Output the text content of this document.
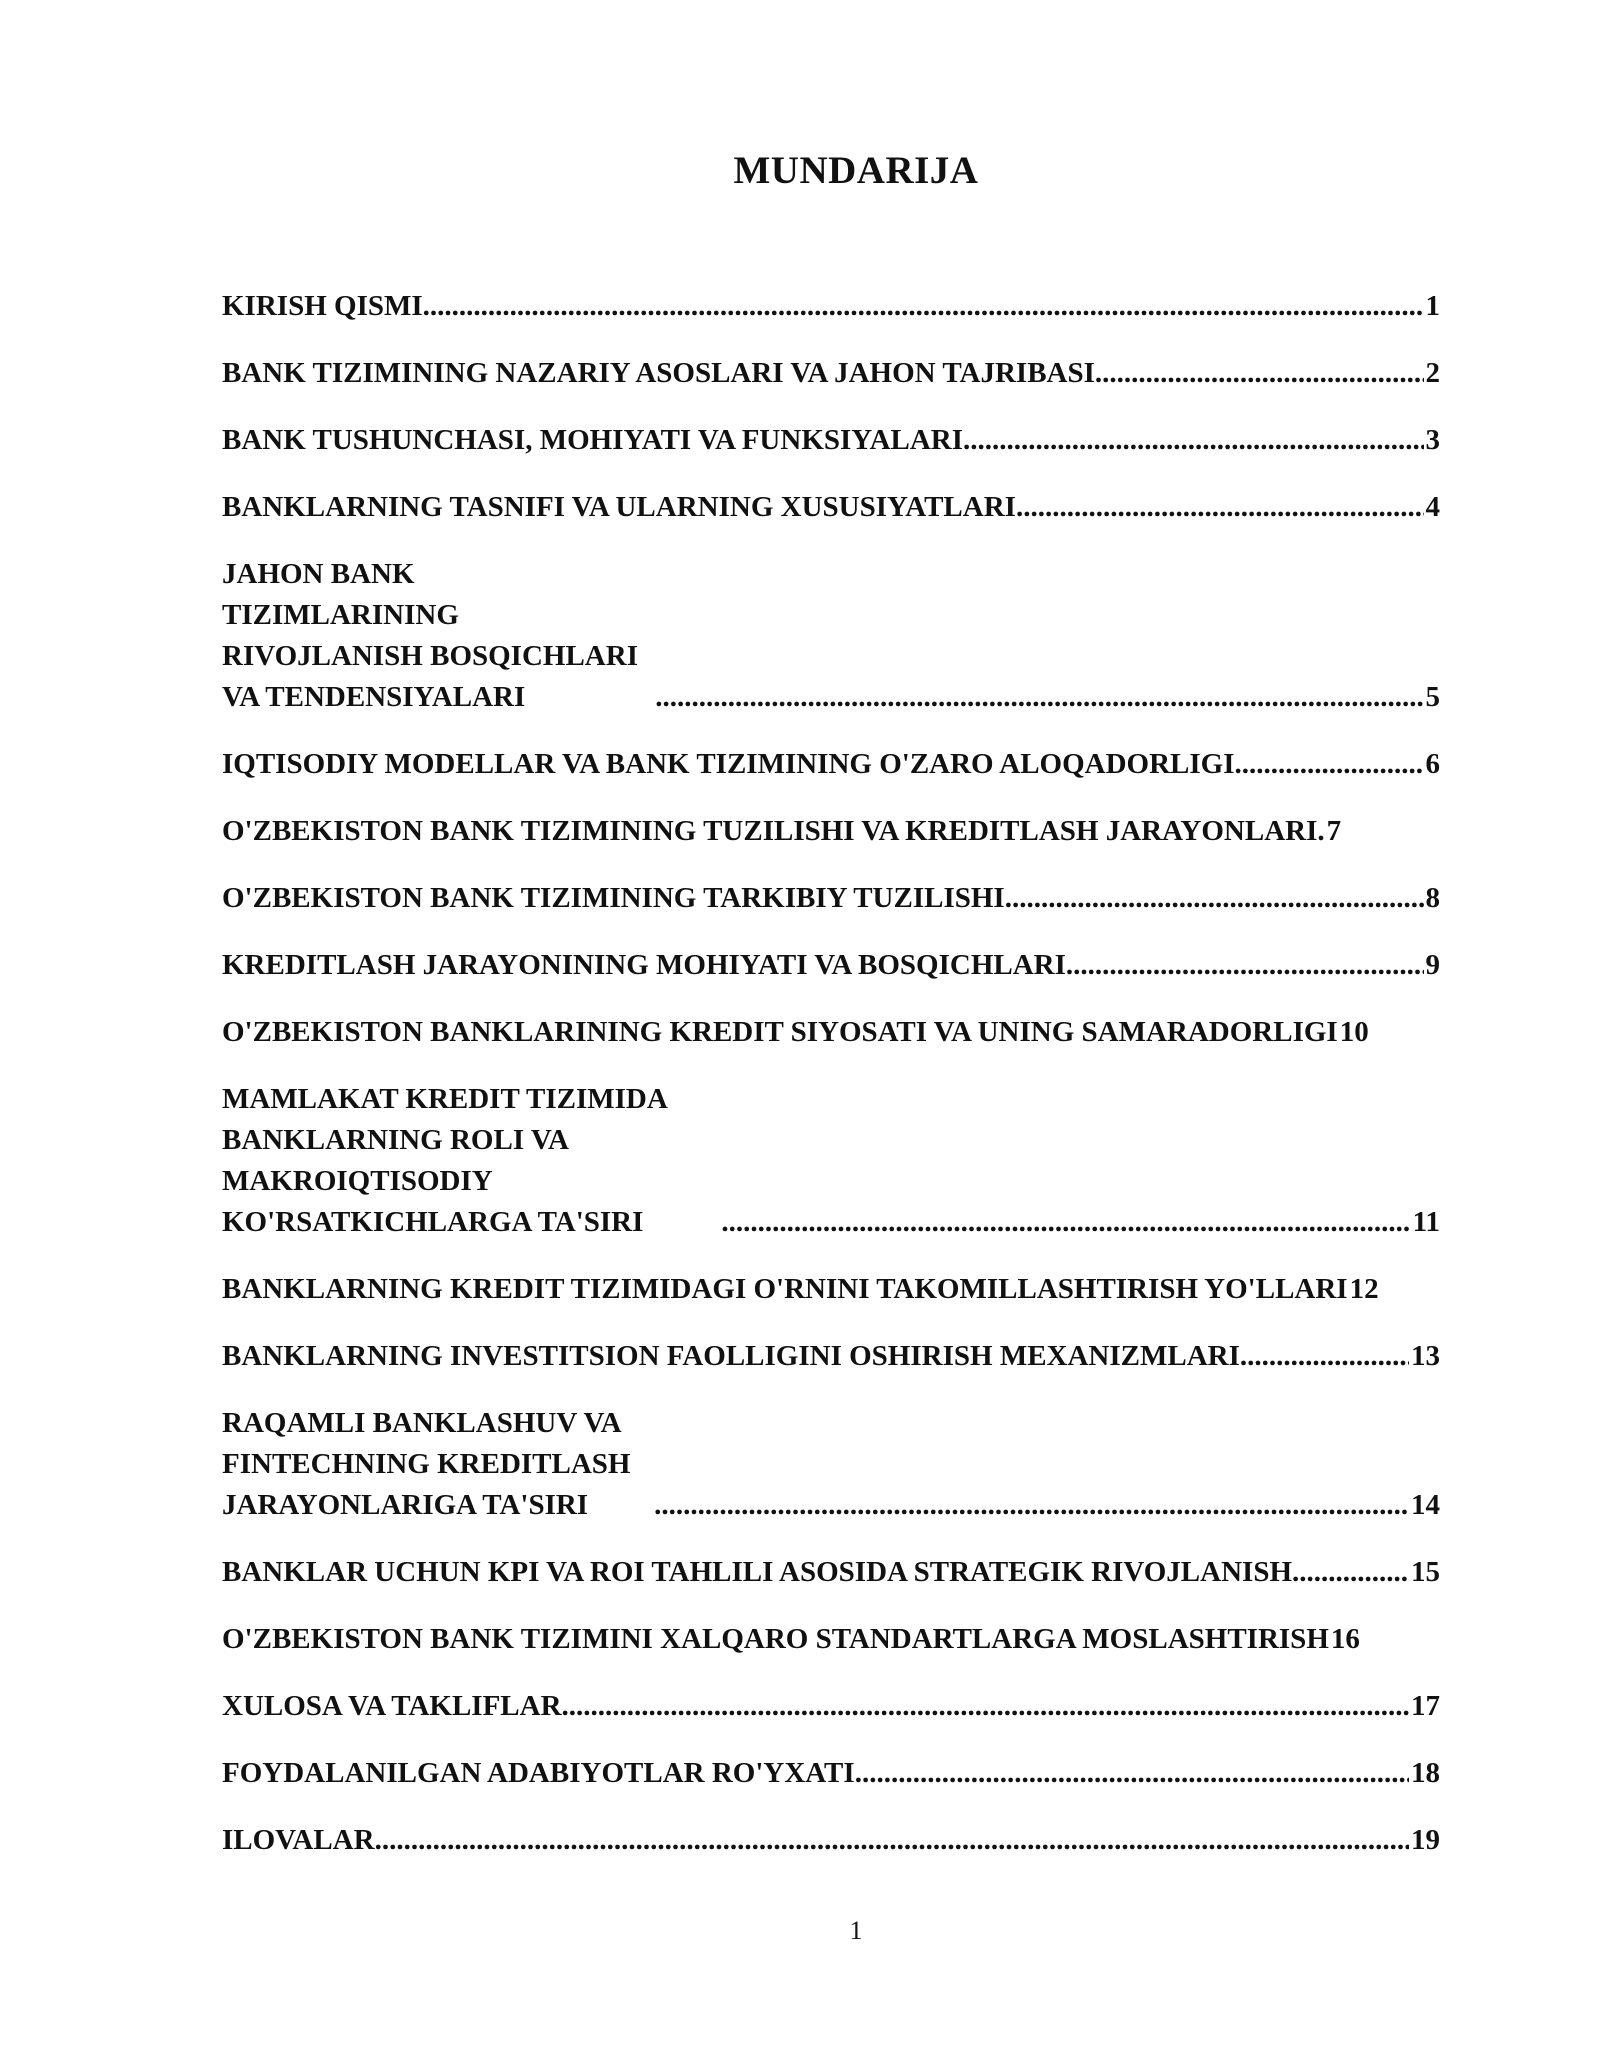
MUNDARIJA
KIRISH QISMI .....	1
BANK TIZIMINING NAZARIY ASOSLARI VA JAHON TAJRIBASI .....	2
BANK TUSHUNCHASI, MOHIYATI VA FUNKSIYALARI .....	3
BANKLARNING TASNIFI VA ULARNING XUSUSIYATLARI .....	4
JAHON BANK TIZIMLARINING RIVOJLANISH BOSQICHLARI VA TENDENSIYALARI .....	5
IQTISODIY MODELLAR VA BANK TIZIMINING O'ZARO ALOQADORLIGI .....	6
O'ZBEKISTON BANK TIZIMINING TUZILISHI VA KREDITLASH JARAYONLARI. 7
O'ZBEKISTON BANK TIZIMINING TARKIBIY TUZILISHI .....	8
KREDITLASH JARAYONINING MOHIYATI VA BOSQICHLARI .....	9
O'ZBEKISTON BANKLARINING KREDIT SIYOSATI VA UNING SAMARADORLIGI 10
MAMLAKAT KREDIT TIZIMIDA BANKLARNING ROLI VA MAKROIQTISODIY KO'RSATKICHLARGA TA'SIRI .....	11
BANKLARNING KREDIT TIZIMIDAGI O'RNINI TAKOMILLASHTIRISH YO'LLARI 12
BANKLARNING INVESTITSION FAOLLIGINI OSHIRISH MEXANIZMLARI .....	13
RAQAMLI BANKLASHUV VA FINTECHNING KREDITLASH JARAYONLARIGA TA'SIRI .....	14
BANKLAR UCHUN KPI VA ROI TAHLILI ASOSIDA STRATEGIK RIVOJLANISH. .....	15
O'ZBEKISTON BANK TIZIMINI XALQARO STANDARTLARGA MOSLASHTIRISH 16
XULOSA VA TAKLIFLAR .....	17
FOYDALANILGAN ADABIYOTLAR RO'YXATI .....	18
ILOVALAR .....	19
1
